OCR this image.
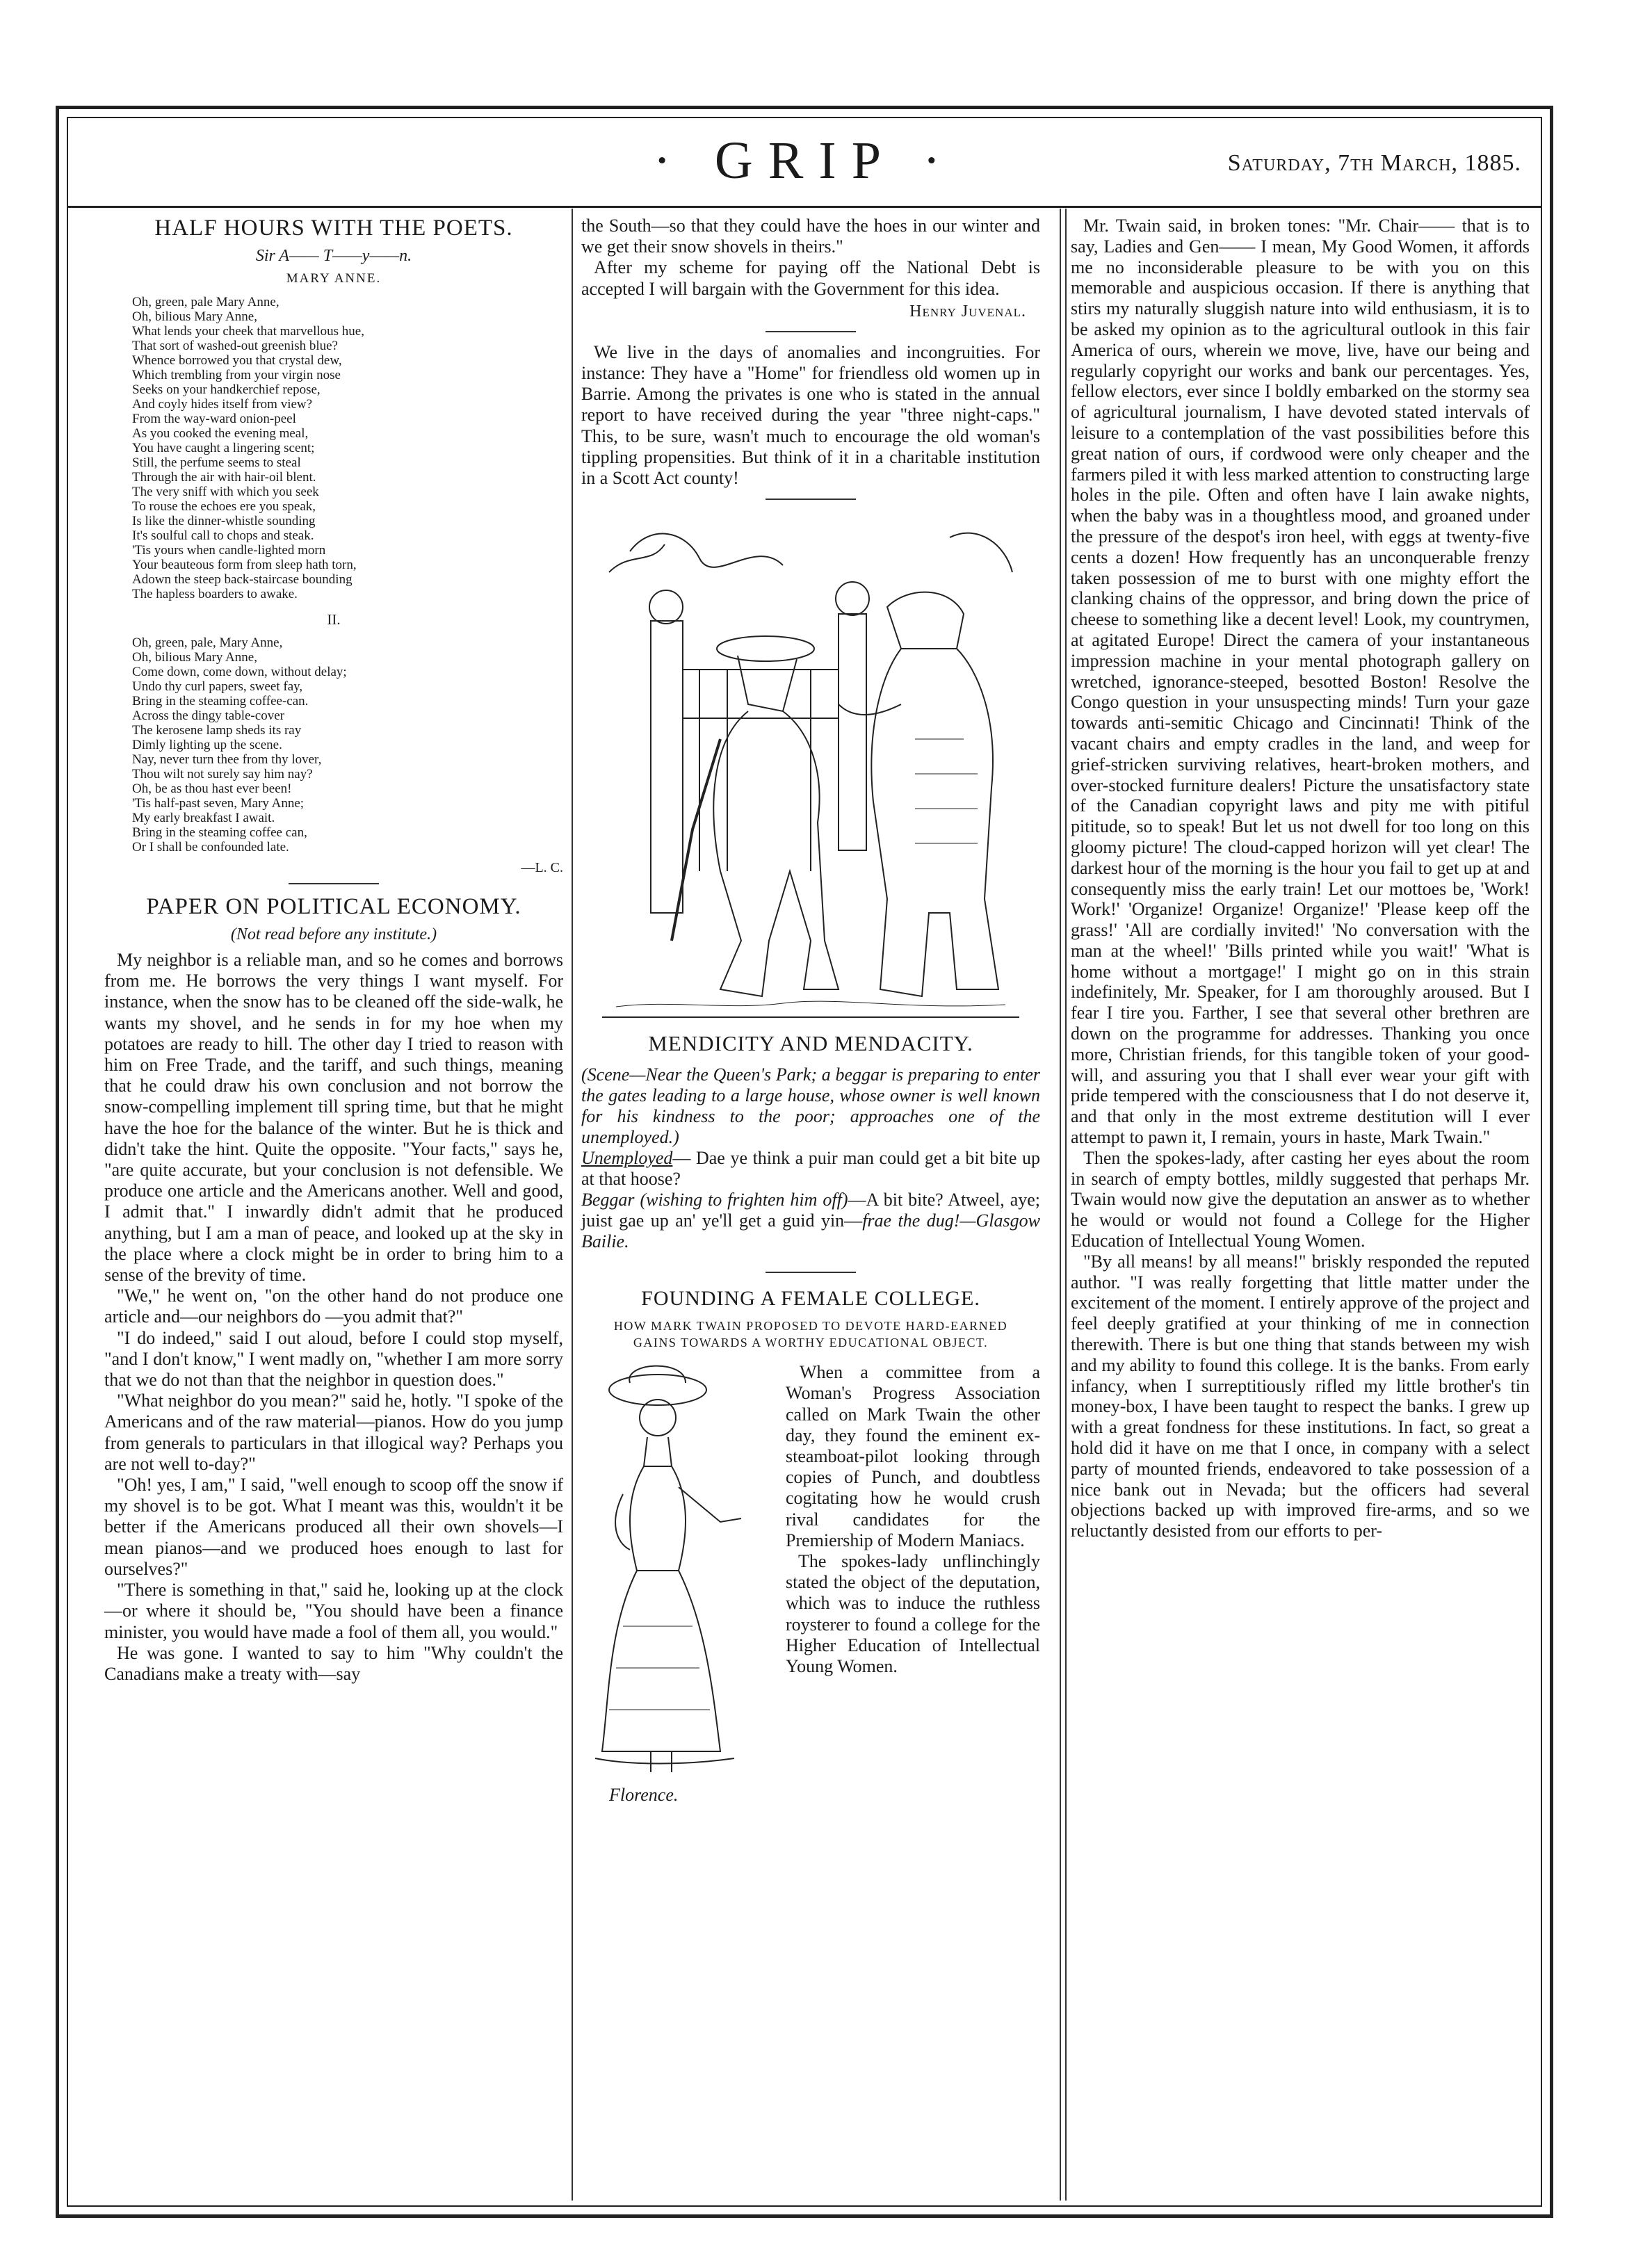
· GRIP ·	Saturday, 7th March, 1885.
HALF HOURS WITH THE POETS.
Sir A—— T——y——n.
MARY ANNE.
Oh, green, pale Mary Anne,
Oh, bilious Mary Anne,
What lends your cheek that marvellous hue,
That sort of washed-out greenish blue?
Whence borrowed you that crystal dew,
Which trembling from your virgin nose
Seeks on your handkerchief repose,
And coyly hides itself from view?
From the way-ward onion-peel
As you cooked the evening meal,
You have caught a lingering scent;
Still, the perfume seems to steal
Through the air with hair-oil blent.
The very sniff with which you seek
To rouse the echoes ere you speak,
Is like the dinner-whistle sounding
It's soulful call to chops and steak.
'Tis yours when candle-lighted morn
Your beauteous form from sleep hath torn,
Adown the steep back-staircase bounding
The hapless boarders to awake.
II.
Oh, green, pale, Mary Anne,
Oh, bilious Mary Anne,
Come down, come down, without delay;
Undo thy curl papers, sweet fay,
Bring in the steaming coffee-can.
Across the dingy table-cover
The kerosene lamp sheds its ray
Dimly lighting up the scene.
Nay, never turn thee from thy lover,
Thou wilt not surely say him nay?
Oh, be as thou hast ever been!
'Tis half-past seven, Mary Anne;
My early breakfast I await.
Bring in the steaming coffee can,
Or I shall be confounded late.
—L. C.
PAPER ON POLITICAL ECONOMY.
(Not read before any institute.)

My neighbor is a reliable man, and so he comes and borrows from me. He borrows the very things I want myself. For instance, when the snow has to be cleaned off the side-walk, he wants my shovel, and he sends in for my hoe when my potatoes are ready to hill. The other day I tried to reason with him on Free Trade, and the tariff, and such things, meaning that he could draw his own conclusion and not borrow the snow-compelling implement till spring time, but that he might have the hoe for the balance of the winter. But he is thick and didn't take the hint. Quite the opposite. "Your facts," says he, "are quite accurate, but your conclusion is not defensible. We produce one article and the Americans another. Well and good, I admit that." I inwardly didn't admit that he produced anything, but I am a man of peace, and looked up at the sky in the place where a clock might be in order to bring him to a sense of the brevity of time.

"We," he went on, "on the other hand do not produce one article and—our neighbors do —you admit that?"

"I do indeed," said I out aloud, before I could stop myself, "and I don't know," I went madly on, "whether I am more sorry that we do not than that the neighbor in question does."

"What neighbor do you mean?" said he, hotly. "I spoke of the Americans and of the raw material—pianos. How do you jump from generals to particulars in that illogical way? Perhaps you are not well to-day?"

"Oh! yes, I am," I said, "well enough to scoop off the snow if my shovel is to be got. What I meant was this, wouldn't it be better if the Americans produced all their own shovels—I mean pianos—and we produced hoes enough to last for ourselves?"

"There is something in that," said he, looking up at the clock—or where it should be, "You should have been a finance minister, you would have made a fool of them all, you would."

He was gone. I wanted to say to him "Why couldn't the Canadians make a treaty with—say

the South—so that they could have the hoes in our winter and we get their snow shovels in theirs."

After my scheme for paying off the National Debt is accepted I will bargain with the Government for this idea.

Henry Juvenal.

We live in the days of anomalies and incongruities. For instance: They have a "Home" for friendless old women up in Barrie. Among the privates is one who is stated in the annual report to have received during the year "three night-caps." This, to be sure, wasn't much to encourage the old woman's tippling propensities. But think of it in a charitable institution in a Scott Act county!

MENDICITY AND MENDACITY.

(Scene—Near the Queen's Park; a beggar is preparing to enter the gates leading to a large house, whose owner is well known for his kindness to the poor; approaches one of the unemployed.)

Unemployed— Dae ye think a puir man could get a bit bite up at that hoose?

Beggar (wishing to frighten him off)—A bit bite? Atweel, aye; juist gae up an' ye'll get a guid yin—frae the dug!—Glasgow Bailie.

FOUNDING A FEMALE COLLEGE.
HOW MARK TWAIN PROPOSED TO DEVOTE HARD-EARNED GAINS TOWARDS A WORTHY EDUCATIONAL OBJECT.
Florence.

When a committee from a Woman's Progress Association called on Mark Twain the other day, they found the eminent ex-steamboat-pilot looking through copies of Punch, and doubtless cogitating how he would crush rival candidates for the Premiership of Modern Maniacs.

The spokes-lady unflinchingly stated the object of the deputation, which was to induce the ruthless roysterer to found a college for the Higher Education of Intellectual Young Women.

Mr. Twain said, in broken tones: "Mr. Chair—— that is to say, Ladies and Gen—— I mean, My Good Women, it affords me no inconsiderable pleasure to be with you on this memorable and auspicious occasion. If there is anything that stirs my naturally sluggish nature into wild enthusiasm, it is to be asked my opinion as to the agricultural outlook in this fair America of ours, wherein we move, live, have our being and regularly copyright our works and bank our percentages. Yes, fellow electors, ever since I boldly embarked on the stormy sea of agricultural journalism, I have devoted stated intervals of leisure to a contemplation of the vast possibilities before this great nation of ours, if cordwood were only cheaper and the farmers piled it with less marked attention to constructing large holes in the pile. Often and often have I lain awake nights, when the baby was in a thoughtless mood, and groaned under the pressure of the despot's iron heel, with eggs at twenty-five cents a dozen! How frequently has an unconquerable frenzy taken possession of me to burst with one mighty effort the clanking chains of the oppressor, and bring down the price of cheese to something like a decent level! Look, my countrymen, at agitated Europe! Direct the camera of your instantaneous impression machine in your mental photograph gallery on wretched, ignorance-steeped, besotted Boston! Resolve the Congo question in your unsuspecting minds! Turn your gaze towards anti-semitic Chicago and Cincinnati! Think of the vacant chairs and empty cradles in the land, and weep for grief-stricken surviving relatives, heart-broken mothers, and over-stocked furniture dealers! Picture the unsatisfactory state of the Canadian copyright laws and pity me with pitiful pititude, so to speak! But let us not dwell for too long on this gloomy picture! The cloud-capped horizon will yet clear! The darkest hour of the morning is the hour you fail to get up at and consequently miss the early train! Let our mottoes be, 'Work! Work!' 'Organize! Organize! Organize!' 'Please keep off the grass!' 'All are cordially invited!' 'No conversation with the man at the wheel!' 'Bills printed while you wait!' 'What is home without a mortgage!' I might go on in this strain indefinitely, Mr. Speaker, for I am thoroughly aroused. But I fear I tire you. Farther, I see that several other brethren are down on the programme for addresses. Thanking you once more, Christian friends, for this tangible token of your good-will, and assuring you that I shall ever wear your gift with pride tempered with the consciousness that I do not deserve it, and that only in the most extreme destitution will I ever attempt to pawn it, I remain, yours in haste, Mark Twain."

Then the spokes-lady, after casting her eyes about the room in search of empty bottles, mildly suggested that perhaps Mr. Twain would now give the deputation an answer as to whether he would or would not found a College for the Higher Education of Intellectual Young Women.

"By all means! by all means!" briskly responded the reputed author. "I was really forgetting that little matter under the excitement of the moment. I entirely approve of the project and feel deeply gratified at your thinking of me in connection therewith. There is but one thing that stands between my wish and my ability to found this college. It is the banks. From early infancy, when I surreptitiously rifled my little brother's tin money-box, I have been taught to respect the banks. I grew up with a great fondness for these institutions. In fact, so great a hold did it have on me that I once, in company with a select party of mounted friends, endeavored to take possession of a nice bank out in Nevada; but the officers had several objections backed up with improved fire-arms, and so we reluctantly desisted from our efforts to per-
